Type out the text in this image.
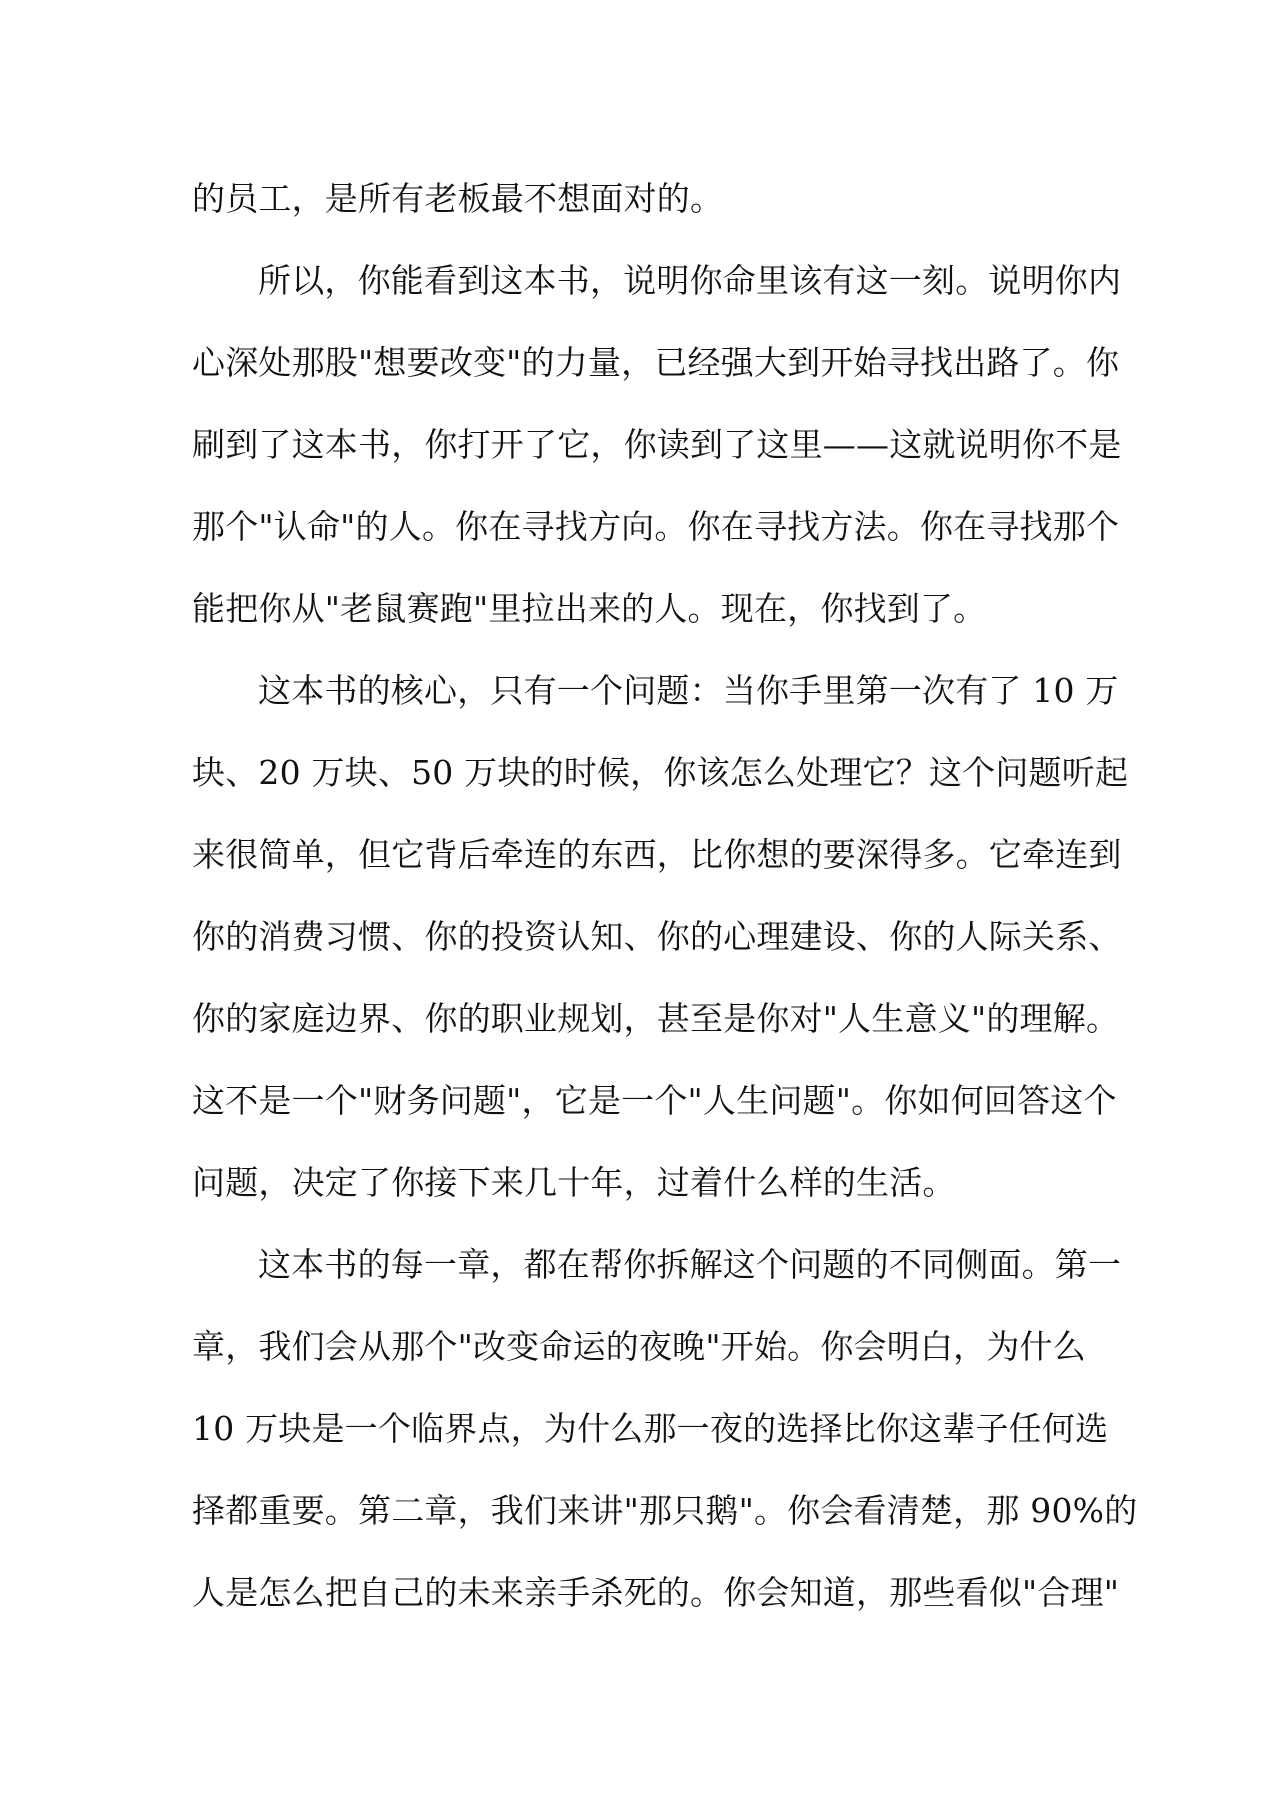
的员工，是所有老板最不想面对的。
所以，你能看到这本书，说明你命里该有这一刻。说明你内
心深处那股"想要改变"的力量，已经强大到开始寻找出路了。你
刷到了这本书，你打开了它，你读到了这里——这就说明你不是
那个"认命"的人。你在寻找方向。你在寻找方法。你在寻找那个
能把你从"老鼠赛跑"里拉出来的人。现在，你找到了。
这本书的核心，只有一个问题：当你手里第一次有了 10 万
块、20 万块、50 万块的时候，你该怎么处理它？这个问题听起
来很简单，但它背后牵连的东西，比你想的要深得多。它牵连到
你的消费习惯、你的投资认知、你的心理建设、你的人际关系、
你的家庭边界、你的职业规划，甚至是你对"人生意义"的理解。
这不是一个"财务问题"，它是一个"人生问题"。你如何回答这个
问题，决定了你接下来几十年，过着什么样的生活。
这本书的每一章，都在帮你拆解这个问题的不同侧面。第一
章，我们会从那个"改变命运的夜晚"开始。你会明白，为什么
10 万块是一个临界点，为什么那一夜的选择比你这辈子任何选
择都重要。第二章，我们来讲"那只鹅"。你会看清楚，那 90%的
人是怎么把自己的未来亲手杀死的。你会知道，那些看似"合理"
